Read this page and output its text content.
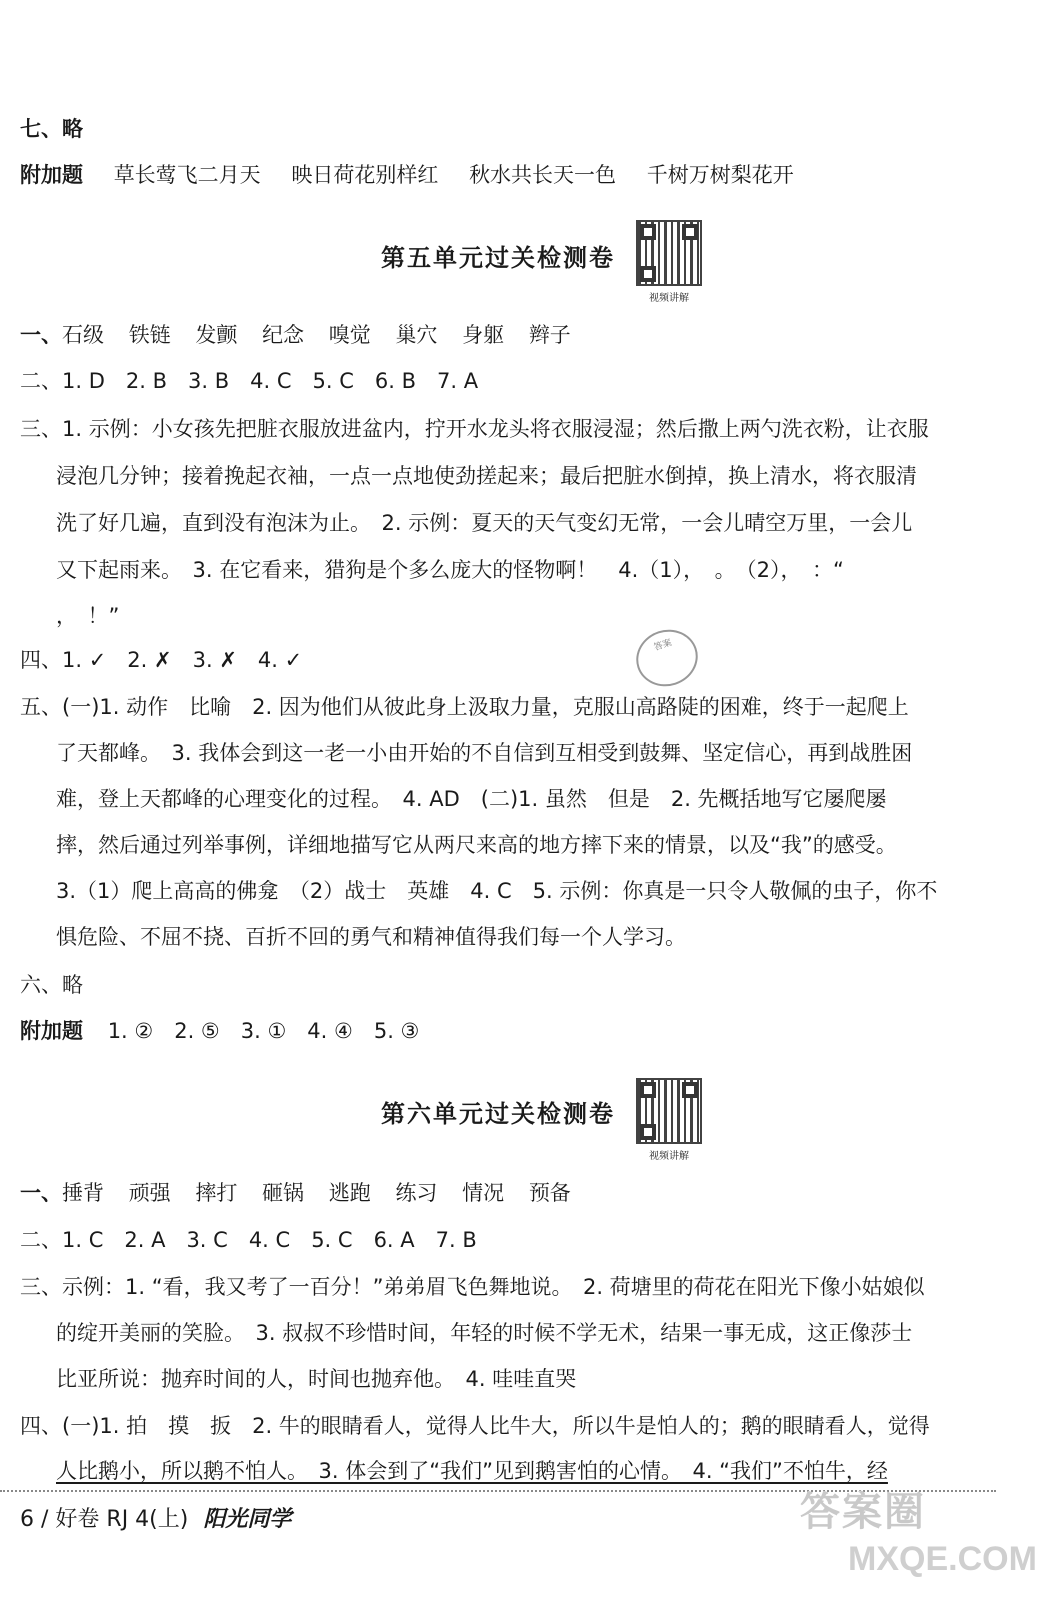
七、略
附加题 草长莺飞二月天 映日荷花别样红 秋水共长天一色 千树万树梨花开
第五单元过关检测卷
视频讲解
一、石级 铁链 发颤 纪念 嗅觉 巢穴 身躯 辫子
二、1. D　2. B　3. B　4. C　5. C　6. B　7. A
三、1. 示例：小女孩先把脏衣服放进盆内，拧开水龙头将衣服浸湿；然后撒上两勺洗衣粉，让衣服
浸泡几分钟；接着挽起衣袖，一点一点地使劲搓起来；最后把脏水倒掉，换上清水，将衣服清
洗了好几遍，直到没有泡沫为止。　2. 示例：夏天的天气变幻无常，一会儿晴空万里，一会儿
又下起雨来。　3. 在它看来，猎狗是个多么庞大的怪物啊！　4.（1），　。　（2），　：“
，　！”
四、1. ✓　2. ✗　3. ✗　4. ✓
答案
五、(一)1. 动作　比喻　2. 因为他们从彼此身上汲取力量，克服山高路陡的困难，终于一起爬上
了天都峰。　3. 我体会到这一老一小由开始的不自信到互相受到鼓舞、坚定信心，再到战胜困
难，登上天都峰的心理变化的过程。　4. AD　(二)1. 虽然　但是　2. 先概括地写它屡爬屡
摔，然后通过列举事例，详细地描写它从两尺来高的地方摔下来的情景，以及“我”的感受。
3.（1）爬上高高的佛龛　（2）战士　英雄　4. C　5. 示例：你真是一只令人敬佩的虫子，你不
惧危险、不屈不挠、百折不回的勇气和精神值得我们每一个人学习。
六、略
附加题 1. ②　2. ⑤　3. ①　4. ④　5. ③
第六单元过关检测卷
视频讲解
一、捶背 顽强 摔打 砸锅 逃跑 练习 情况 预备
二、1. C　2. A　3. C　4. C　5. C　6. A　7. B
三、示例：1. “看，我又考了一百分！”弟弟眉飞色舞地说。　2. 荷塘里的荷花在阳光下像小姑娘似
的绽开美丽的笑脸。　3. 叔叔不珍惜时间，年轻的时候不学无术，结果一事无成，这正像莎士
比亚所说：抛弃时间的人，时间也抛弃他。　4. 哇哇直哭
四、(一)1. 拍　摸　扳　2. 牛的眼睛看人，觉得人比牛大，所以牛是怕人的；鹅的眼睛看人，觉得
人比鹅小，所以鹅不怕人。　3. 体会到了“我们”见到鹅害怕的心情。　4. “我们”不怕牛，经
6 / 好卷 RJ 4(上) 阳光同学	答案圈
MXQE.COM
